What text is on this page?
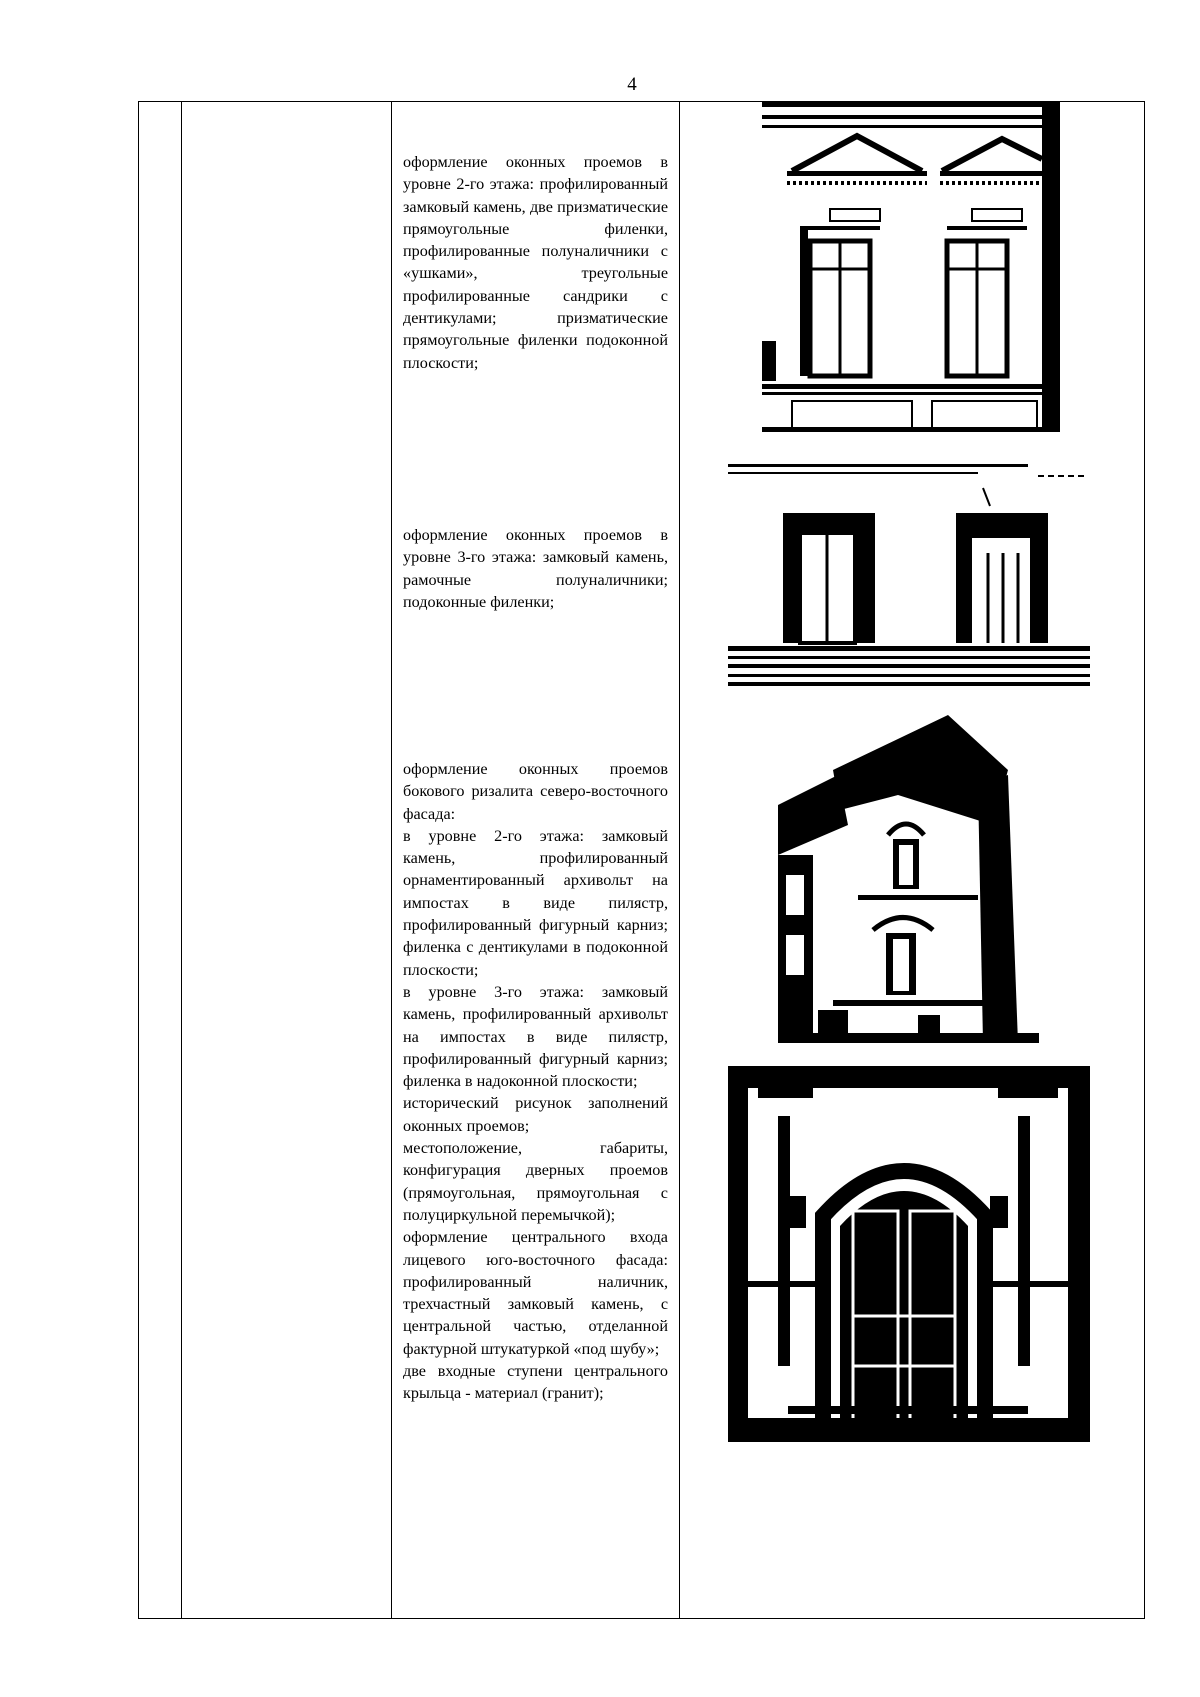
4

оформление оконных проемов в уровне 2-го этажа: профилированный замковый камень, две призматические прямоугольные филенки, профилированные полуналичники с «ушками», треугольные профилированные сандрики с дентикулами; призматические прямоугольные филенки подоконной плоскости;

оформление оконных проемов в уровне 3-го этажа: замковый камень, рамочные полуналичники; подоконные филенки;

оформление оконных проемов бокового ризалита северо-восточного фасада:

в уровне 2-го этажа: замковый камень, профилированный орнаментированный архивольт на импостах в виде пилястр, профилированный фигурный карниз; филенка с дентикулами в подоконной плоскости;

в уровне 3-го этажа: замковый камень, профилированный архивольт на импостах в виде пилястр, профилированный фигурный карниз; филенка в надоконной плоскости;

исторический рисунок заполнений оконных проемов;

местоположение, габариты, конфигурация дверных проемов (прямоугольная, прямоугольная с полуциркульной перемычкой);

оформление центрального входа лицевого юго-восточного фасада: профилированный наличник, трехчастный замковый камень, с центральной частью, отделанной фактурной штукатуркой «под шубу»;

две входные ступени центрального крыльца - материал (гранит);
